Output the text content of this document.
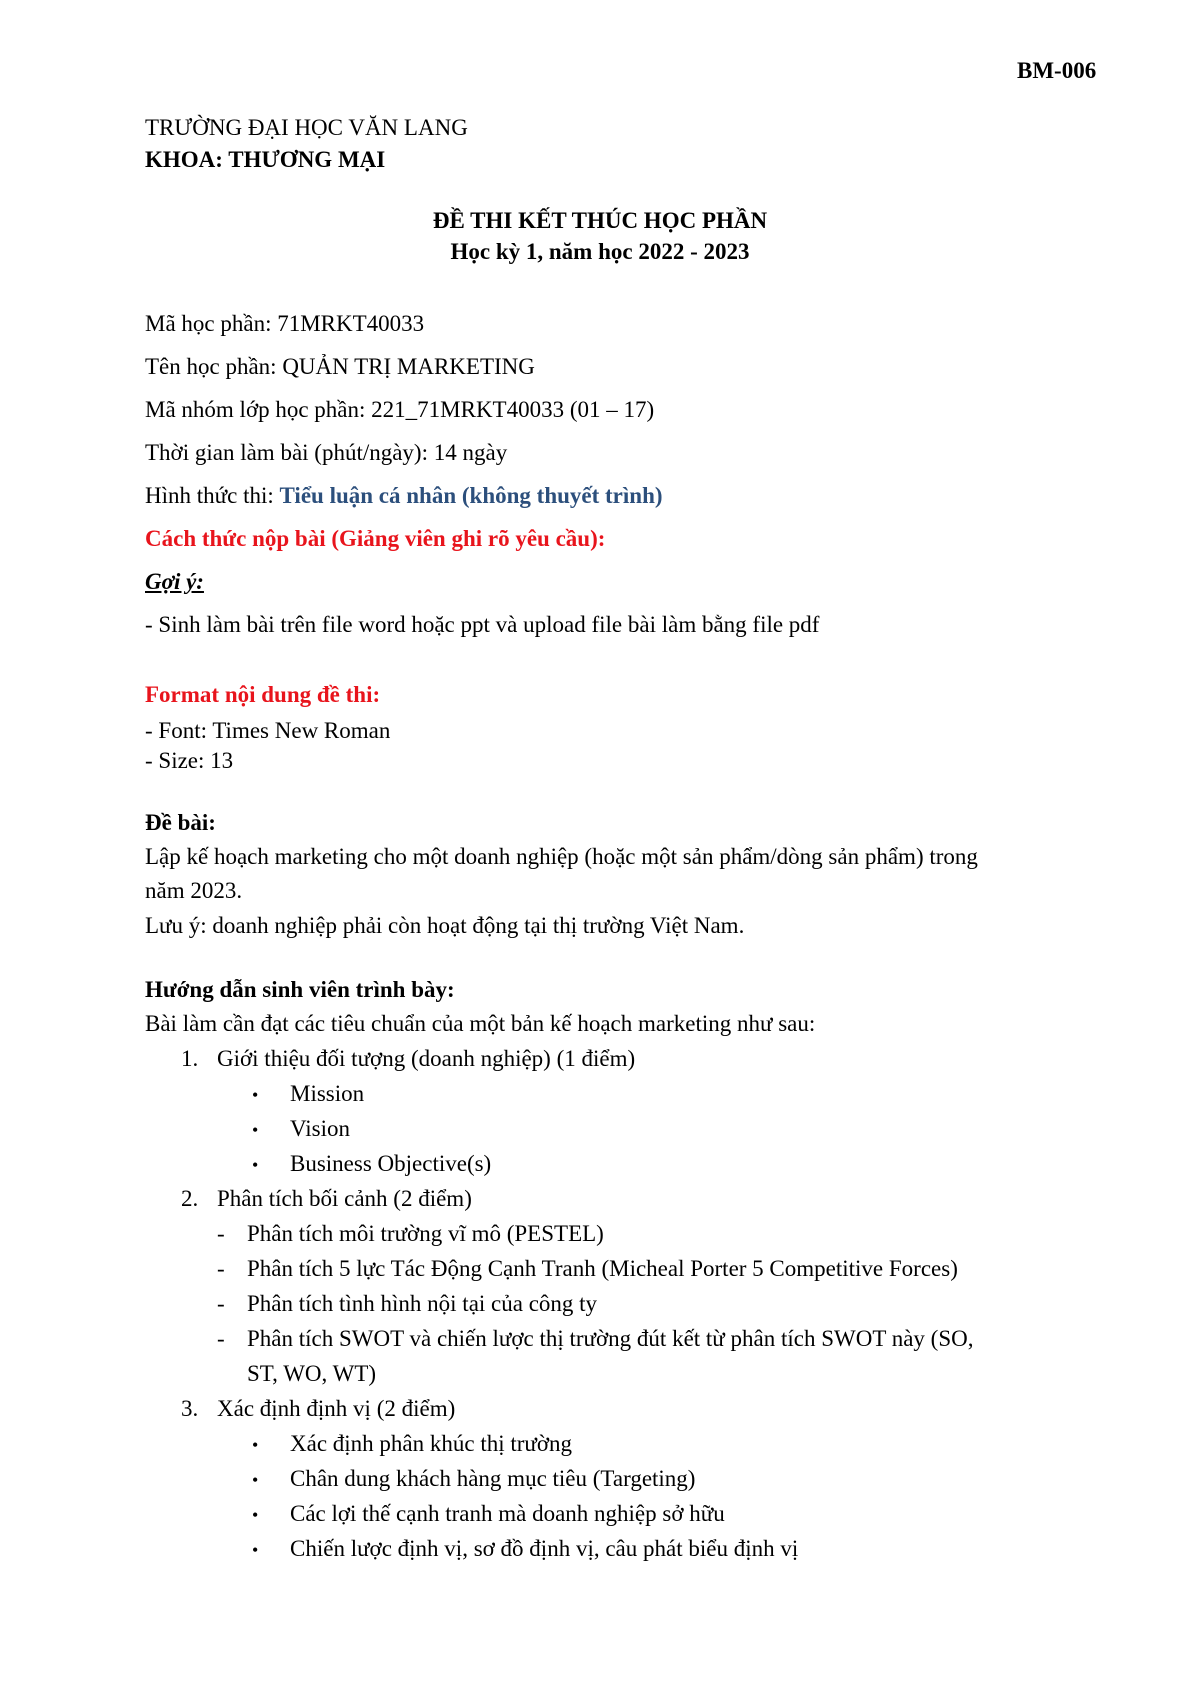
BM-006
TRƯỜNG ĐẠI HỌC VĂN LANG
KHOA: THƯƠNG MẠI
ĐỀ THI KẾT THÚC HỌC PHẦN
Học kỳ 1, năm học 2022 - 2023
Mã học phần: 71MRKT40033
Tên học phần: QUẢN TRỊ MARKETING
Mã nhóm lớp học phần: 221_71MRKT40033 (01 – 17)
Thời gian làm bài (phút/ngày): 14 ngày
Hình thức thi: Tiểu luận cá nhân (không thuyết trình)
Cách thức nộp bài (Giảng viên ghi rõ yêu cầu):
Gợi ý:
- Sinh làm bài trên file word hoặc ppt và upload file bài làm bằng file pdf
Format nội dung đề thi:
- Font: Times New Roman
- Size: 13
Đề bài:
Lập kế hoạch marketing cho một doanh nghiệp (hoặc một sản phẩm/dòng sản phẩm) trong
năm 2023.
Lưu ý: doanh nghiệp phải còn hoạt động tại thị trường Việt Nam.
Hướng dẫn sinh viên trình bày:
Bài làm cần đạt các tiêu chuẩn của một bản kế hoạch marketing như sau:
1. Giới thiệu đối tượng (doanh nghiệp) (1 điểm)
• Mission
• Vision
• Business Objective(s)
2. Phân tích bối cảnh (2 điểm)
- Phân tích môi trường vĩ mô (PESTEL)
- Phân tích 5 lực Tác Động Cạnh Tranh (Micheal Porter 5 Competitive Forces)
- Phân tích tình hình nội tại của công ty
- Phân tích SWOT và chiến lược thị trường đút kết từ phân tích SWOT này (SO,
ST, WO, WT)
3. Xác định định vị (2 điểm)
• Xác định phân khúc thị trường
• Chân dung khách hàng mục tiêu (Targeting)
• Các lợi thế cạnh tranh mà doanh nghiệp sở hữu
• Chiến lược định vị, sơ đồ định vị, câu phát biểu định vị
